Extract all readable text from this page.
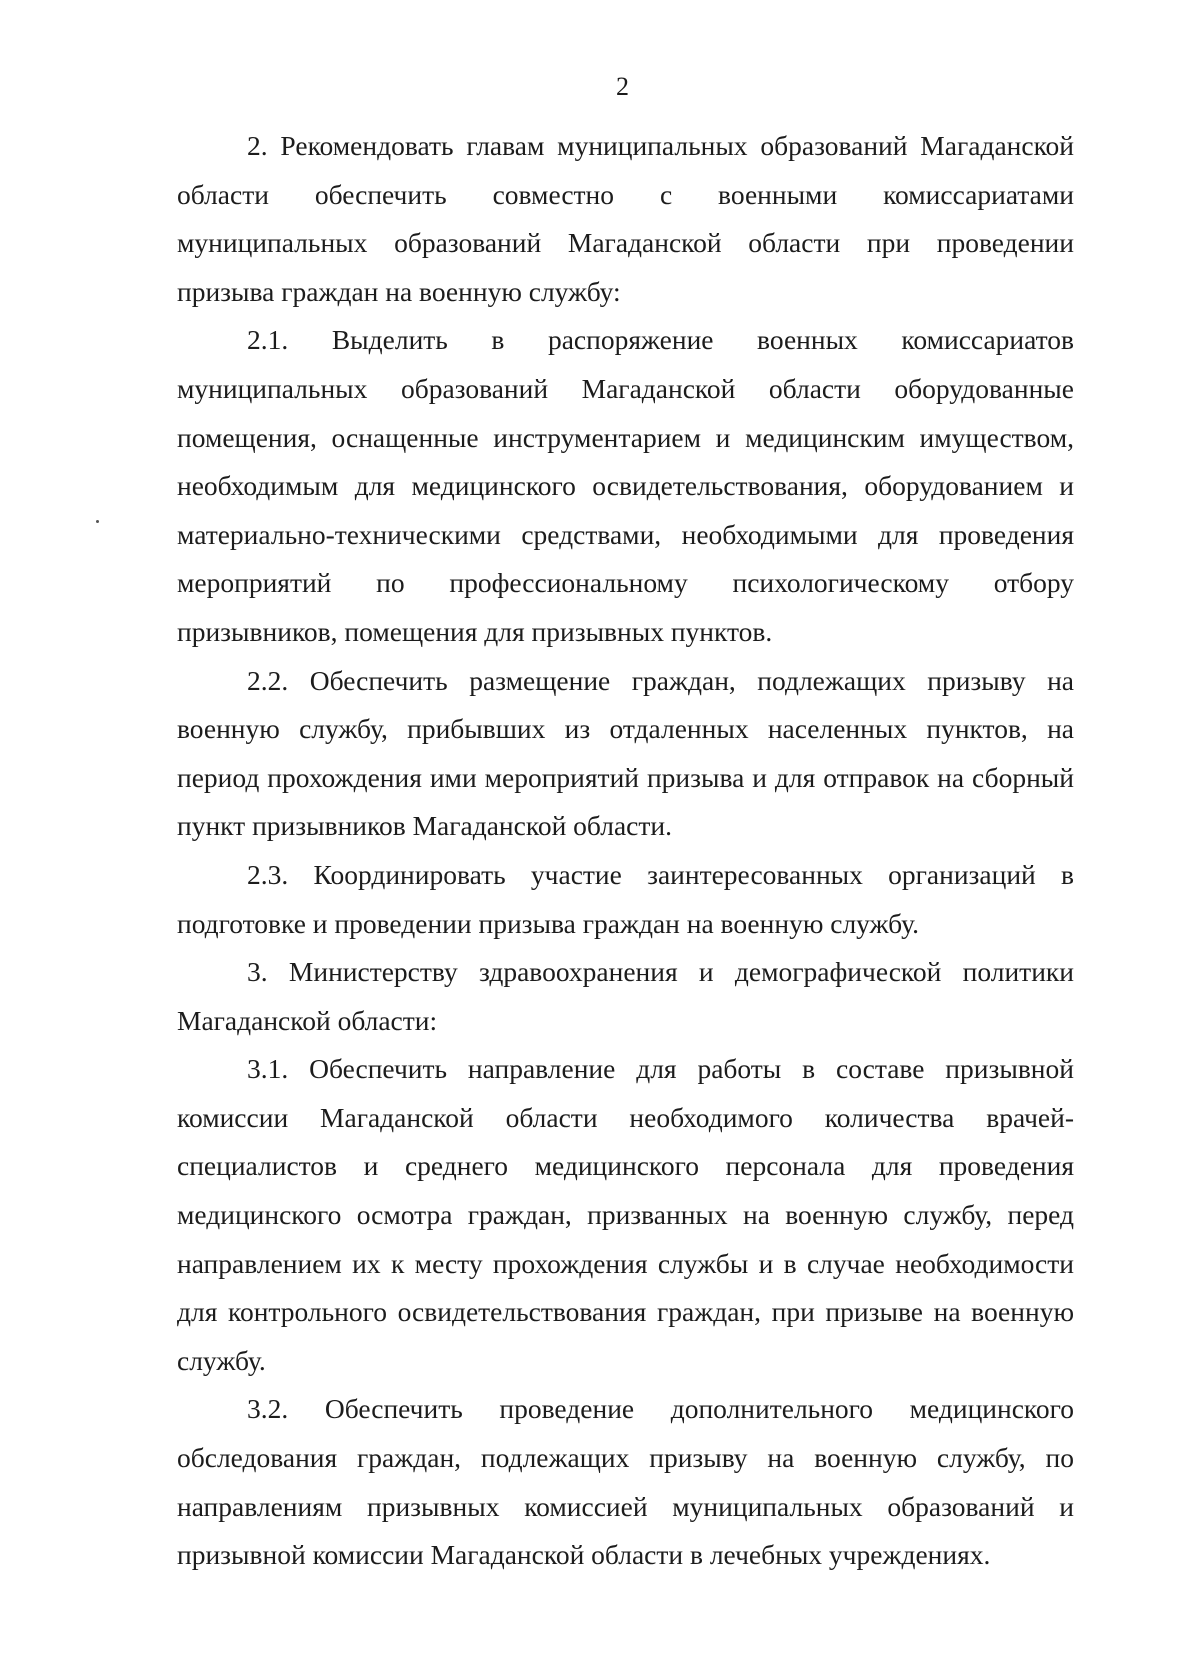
2

2. Рекомендовать главам муниципальных образований Магаданской области обеспечить совместно с военными комиссариатами муниципальных образований Магаданской области при проведении призыва граждан на военную службу:

2.1. Выделить в распоряжение военных комиссариатов муниципальных образований Магаданской области оборудованные помещения, оснащенные инструментарием и медицинским имуществом, необходимым для медицинского освидетельствования, оборудованием и материально-техническими средствами, необходимыми для проведения мероприятий по профессиональному психологическому отбору призывников, помещения для призывных пунктов.

2.2. Обеспечить размещение граждан, подлежащих призыву на военную службу, прибывших из отдаленных населенных пунктов, на период прохождения ими мероприятий призыва и для отправок на сборный пункт призывников Магаданской области.

2.3. Координировать участие заинтересованных организаций в подготовке и проведении призыва граждан на военную службу.

3. Министерству здравоохранения и демографической политики Магаданской области:

3.1. Обеспечить направление для работы в составе призывной комиссии Магаданской области необходимого количества врачей-специалистов и среднего медицинского персонала для проведения медицинского осмотра граждан, призванных на военную службу, перед направлением их к месту прохождения службы и в случае необходимости для контрольного освидетельствования граждан, при призыве на военную службу.

3.2. Обеспечить проведение дополнительного медицинского обследования граждан, подлежащих призыву на военную службу, по направлениям призывных комиссией муниципальных образований и призывной комиссии Магаданской области в лечебных учреждениях.
